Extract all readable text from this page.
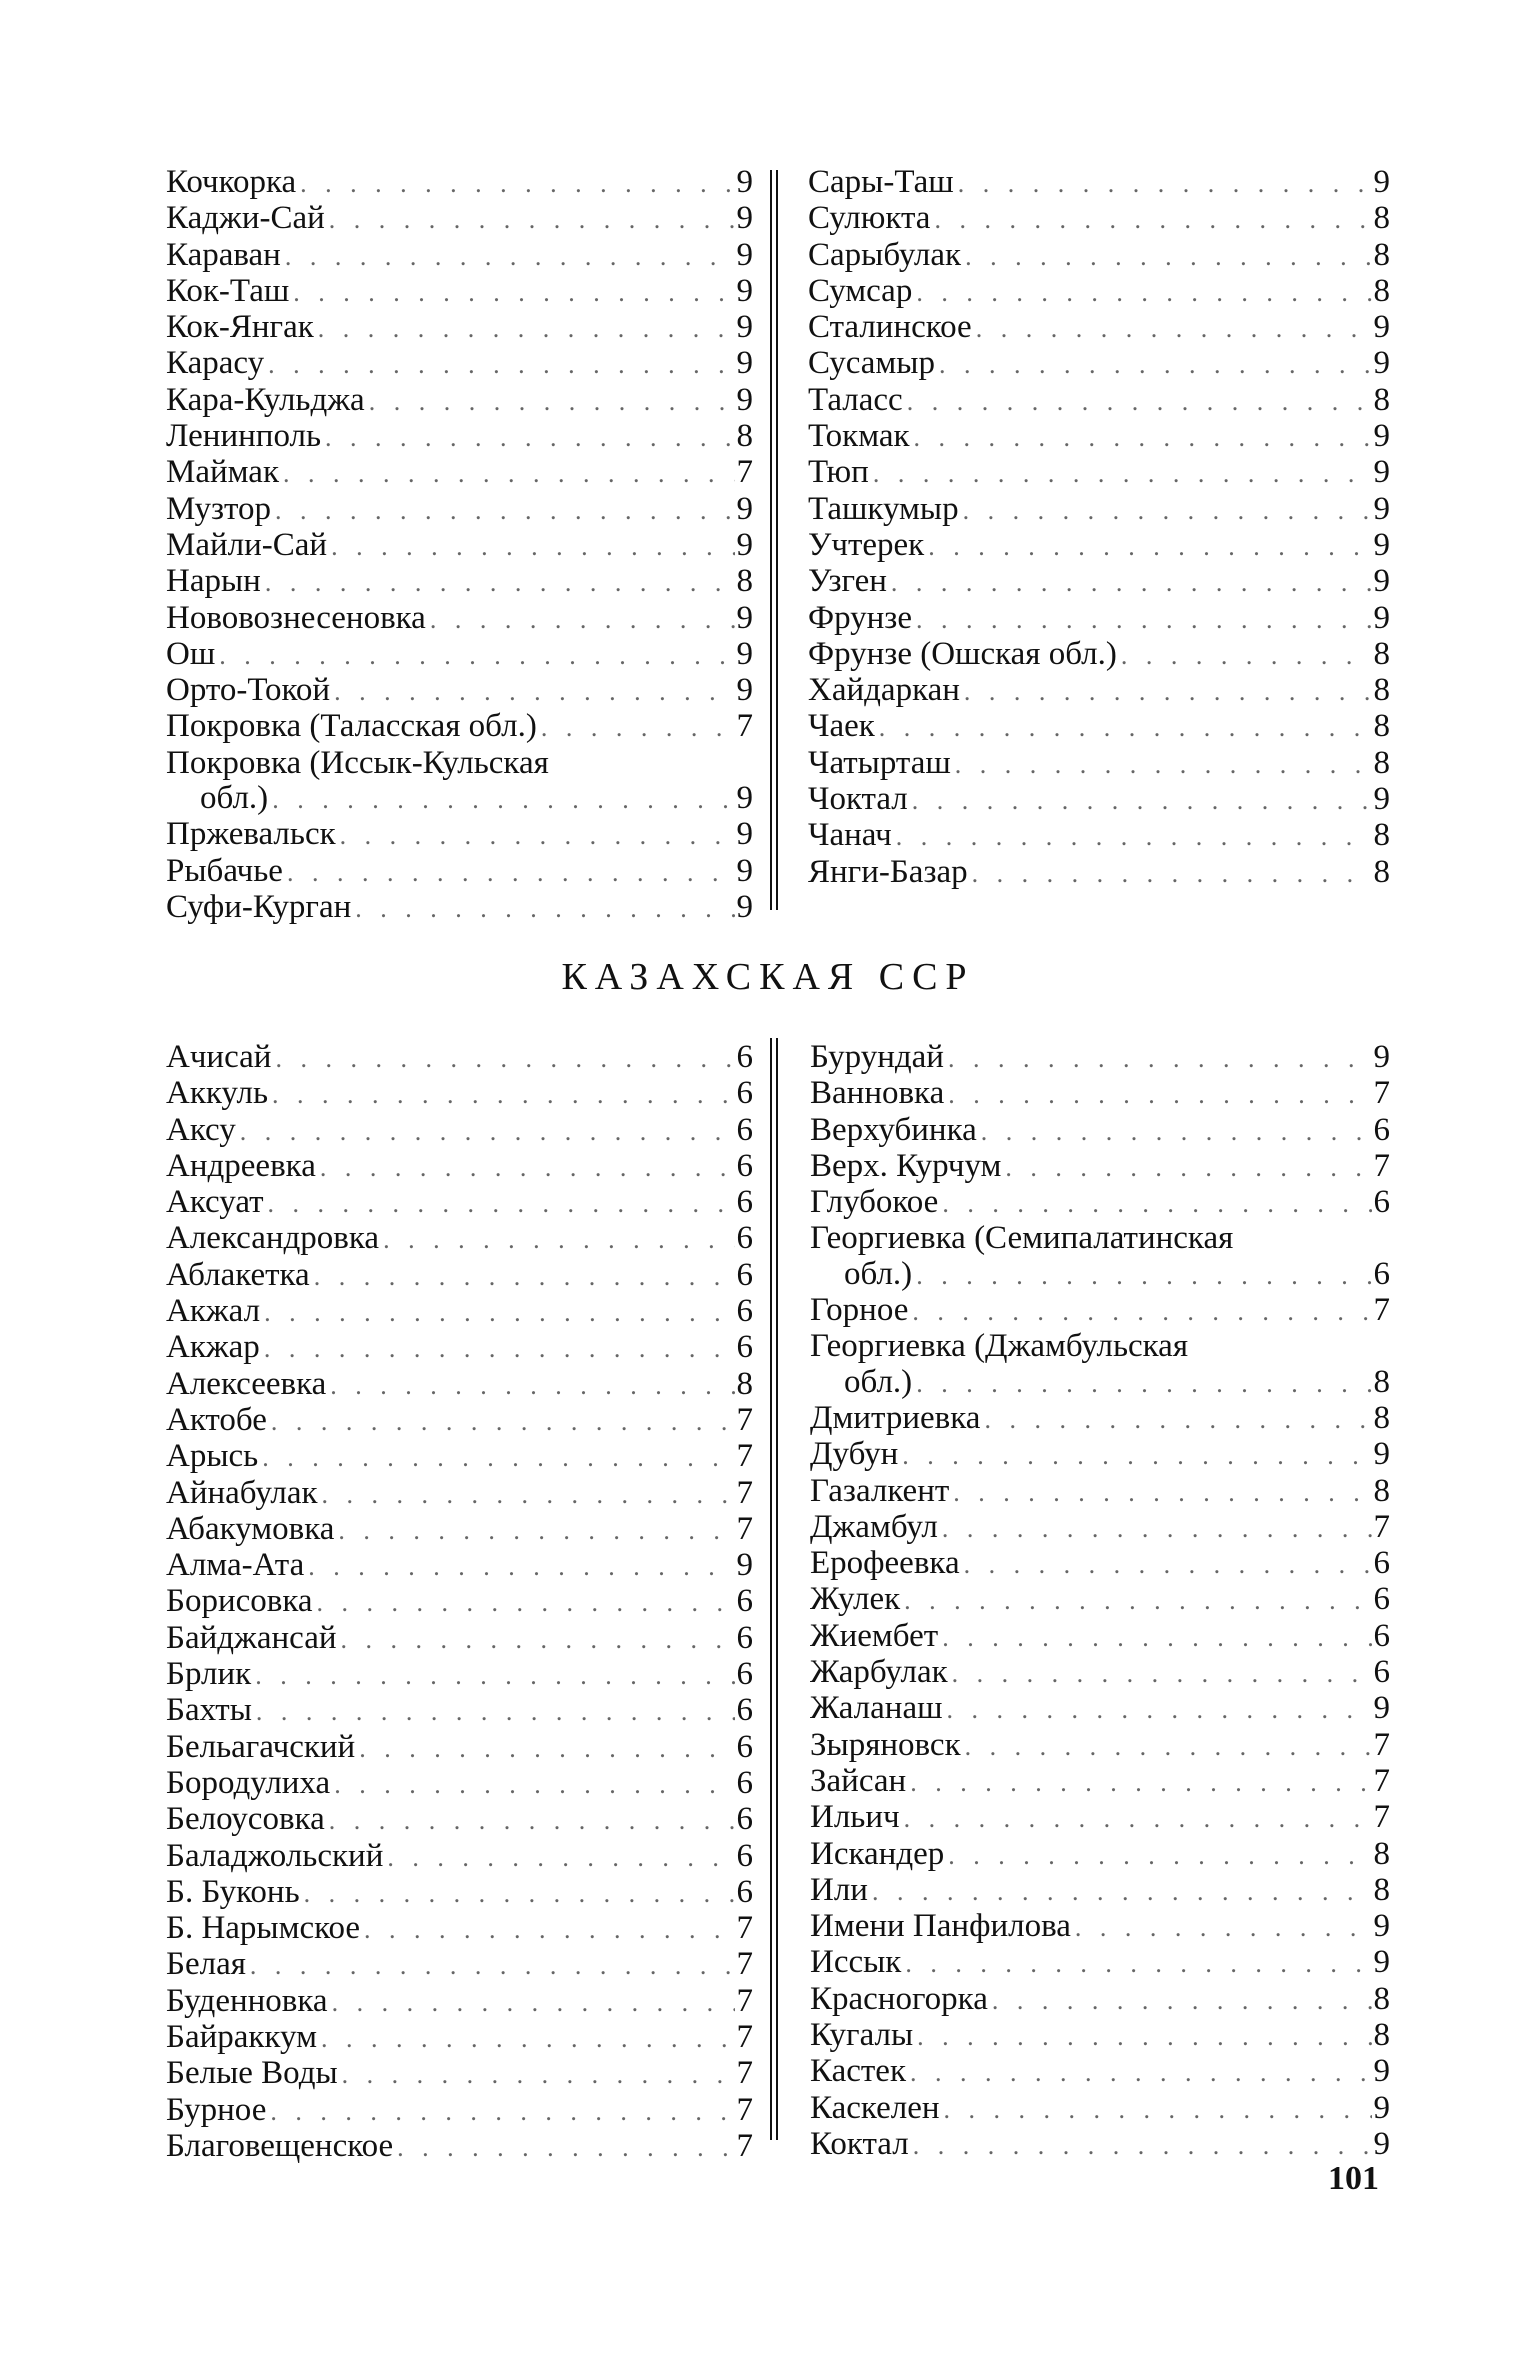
Кочкорка . . .	9
Каджи-Сай . . .	9
Караван . . .	9
Кок-Таш . . .	9
Кок-Янгак . . .	9
Карасу . . .	9
Кара-Кульджа . . .	9
Ленинполь . . .	8
Маймак . . .	7
Музтор . . .	9
Майли-Сай . . .	9
Нарын . . .	8
Нововознесеновка . . .	9
Ош . . .	9
Орто-Токой . . .	9
Покровка (Таласская обл.) . . .	7
Покровка (Иссык-Кульская
обл.) . . .	9
Пржевальск . . .	9
Рыбачье . . .	9
Суфи-Курган . . .	9
Сары-Таш . . .	9
Сулюкта . . .	8
Сарыбулак . . .	8
Сумсар . . .	8
Сталинское . . .	9
Сусамыр . . .	9
Таласс . . .	8
Токмак . . .	9
Тюп . . .	9
Ташкумыр . . .	9
Учтерек . . .	9
Узген . . .	9
Фрунзе . . .	9
Фрунзе (Ошская обл.) . . .	8
Хайдаркан . . .	8
Чаек . . .	8
Чатырташ . . .	8
Чоктал . . .	9
Чанач . . .	8
Янги-Базар . . .	8
КАЗАХСКАЯ ССР
Ачисай . . .	6
Аккуль . . .	6
Аксу . . .	6
Андреевка . . .	6
Аксуат . . .	6
Александровка . . .	6
Аблакетка . . .	6
Акжал . . .	6
Акжар . . .	6
Алексеевка . . .	8
Актобе . . .	7
Арысь . . .	7
Айнабулак . . .	7
Абакумовка . . .	7
Алма-Ата . . .	9
Борисовка . . .	6
Байджансай . . .	6
Брлик . . .	6
Бахты . . .	6
Бельагачский . . .	6
Бородулиха . . .	6
Белоусовка . . .	6
Баладжольский . . .	6
Б. Буконь . . .	6
Б. Нарымское . . .	7
Белая . . .	7
Буденновка . . .	7
Байраккум . . .	7
Белые Воды . . .	7
Бурное . . .	7
Благовещенское . . .	7
Бурундай . . .	9
Ванновка . . .	7
Верхубинка . . .	6
Верх. Курчум . . .	7
Глубокое . . .	6
Георгиевка (Семипалатинская
обл.) . . .	6
Горное . . .	7
Георгиевка (Джамбульская
обл.) . . .	8
Дмитриевка . . .	8
Дубун . . .	9
Газалкент . . .	8
Джамбул . . .	7
Ерофеевка . . .	6
Жулек . . .	6
Жиембет . . .	6
Жарбулак . . .	6
Жаланаш . . .	9
Зыряновск . . .	7
Зайсан . . .	7
Ильич . . .	7
Искандер . . .	8
Или . . .	8
Имени Панфилова . . .	9
Иссык . . .	9
Красногорка . . .	8
Кугалы . . .	8
Кастек . . .	9
Каскелен . . .	9
Коктал . . .	9
101
